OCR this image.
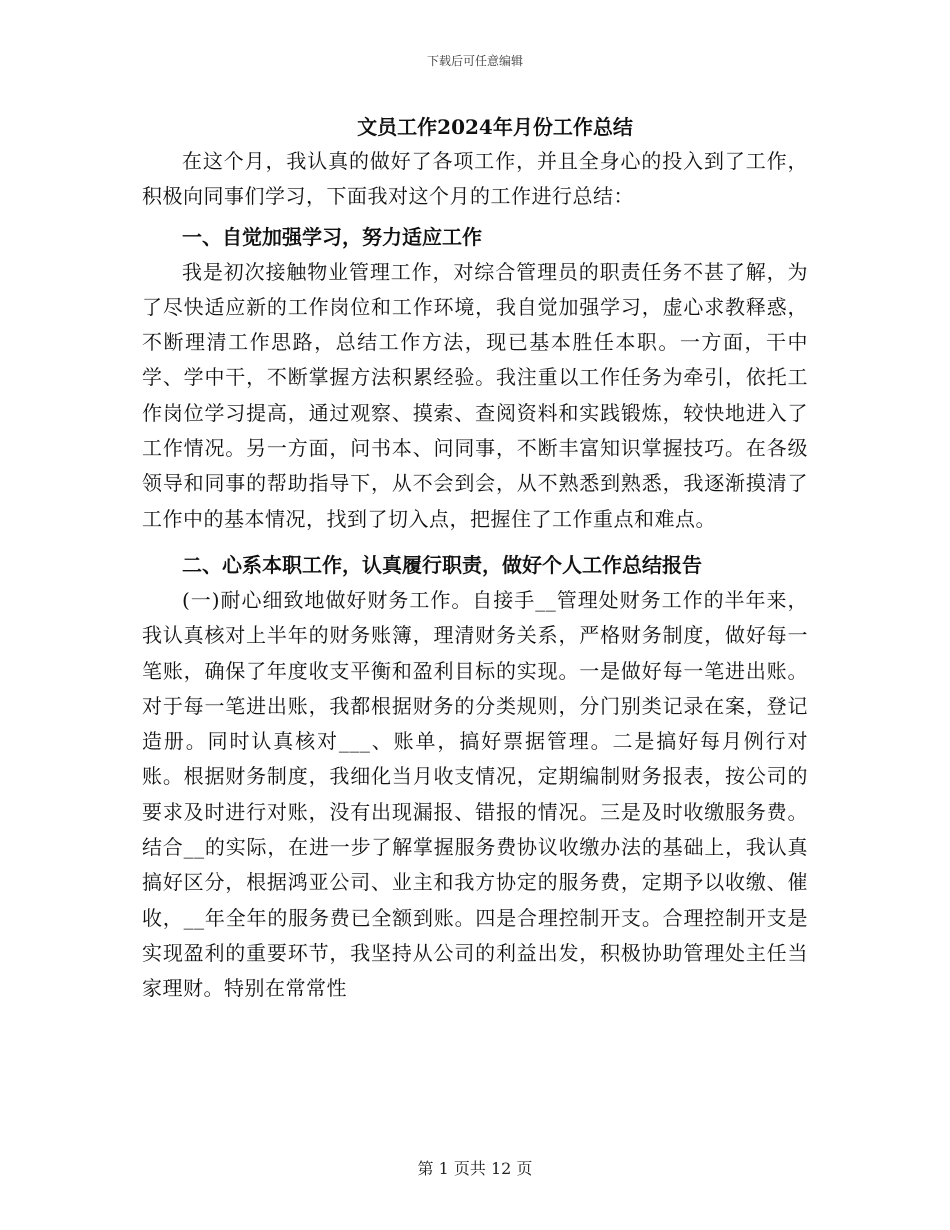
下载后可任意编辑
文员工作2024年月份工作总结

在这个月，我认真的做好了各项工作，并且全身心的投入到了工作，积极向同事们学习，下面我对这个月的工作进行总结：

一、自觉加强学习，努力适应工作

我是初次接触物业管理工作，对综合管理员的职责任务不甚了解，为了尽快适应新的工作岗位和工作环境，我自觉加强学习，虚心求教释惑，不断理清工作思路，总结工作方法，现已基本胜任本职。一方面，干中学、学中干，不断掌握方法积累经验。我注重以工作任务为牵引，依托工作岗位学习提高，通过观察、摸索、查阅资料和实践锻炼，较快地进入了工作情况。另一方面，问书本、问同事，不断丰富知识掌握技巧。在各级领导和同事的帮助指导下，从不会到会，从不熟悉到熟悉，我逐渐摸清了工作中的基本情况，找到了切入点，把握住了工作重点和难点。

二、心系本职工作，认真履行职责，做好个人工作总结报告

(一)耐心细致地做好财务工作。自接手__管理处财务工作的半年来，我认真核对上半年的财务账簿，理清财务关系，严格财务制度，做好每一笔账，确保了年度收支平衡和盈利目标的实现。一是做好每一笔进出账。对于每一笔进出账，我都根据财务的分类规则，分门别类记录在案，登记造册。同时认真核对___、账单，搞好票据管理。二是搞好每月例行对账。根据财务制度，我细化当月收支情况，定期编制财务报表，按公司的要求及时进行对账，没有出现漏报、错报的情况。三是及时收缴服务费。结合__的实际，在进一步了解掌握服务费协议收缴办法的基础上，我认真搞好区分，根据鸿亚公司、业主和我方协定的服务费，定期予以收缴、催收，__年全年的服务费已全额到账。四是合理控制开支。合理控制开支是实现盈利的重要环节，我坚持从公司的利益出发，积极协助管理处主任当家理财。特别在常常性

第 1 页共 12 页
